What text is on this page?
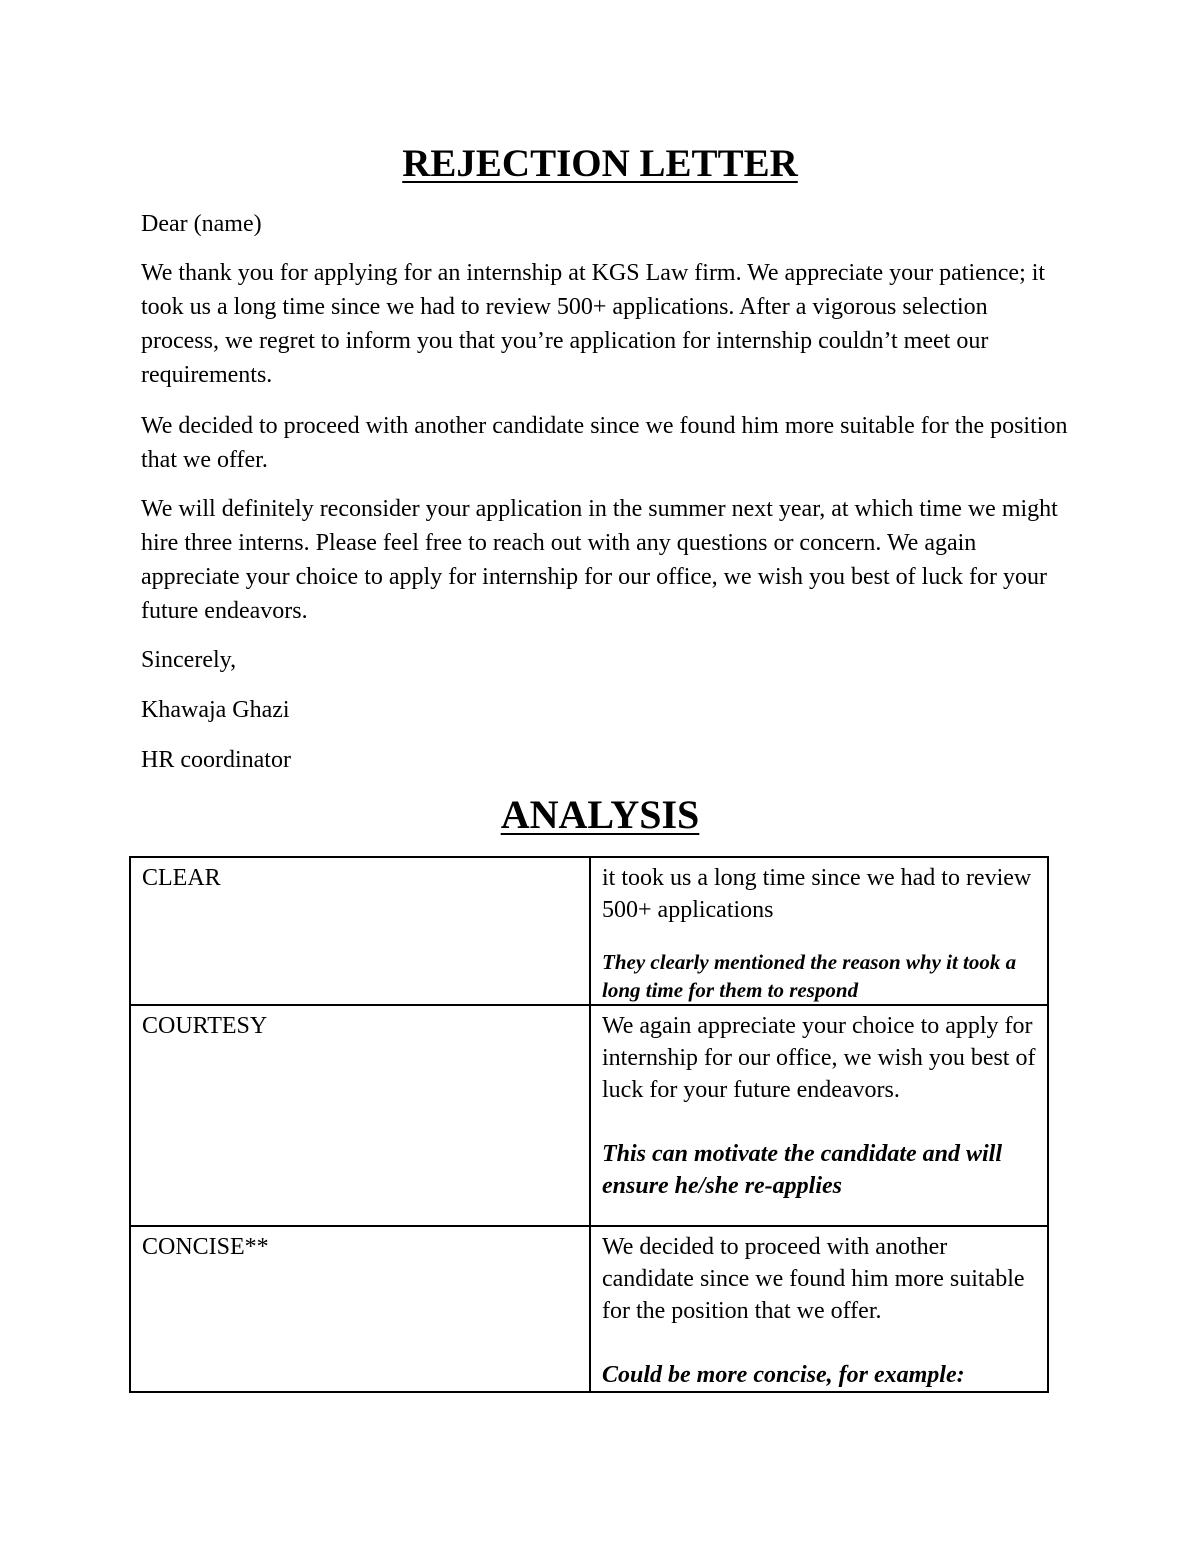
REJECTION LETTER

Dear (name)

We thank you for applying for an internship at KGS Law firm. We appreciate your patience; it took us a long time since we had to review 500+ applications. After a vigorous selection process, we regret to inform you that you’re application for internship couldn’t meet our requirements.

We decided to proceed with another candidate since we found him more suitable for the position that we offer.

We will definitely reconsider your application in the summer next year, at which time we might hire three interns. Please feel free to reach out with any questions or concern. We again appreciate your choice to apply for internship for our office, we wish you best of luck for your future endeavors.

Sincerely,

Khawaja Ghazi

HR coordinator

ANALYSIS
CLEAR	it took us a long time since we had to review 500+ applications
They clearly mentioned the reason why it took a long time for them to respond

COURTESY	We again appreciate your choice to apply for internship for our office, we wish you best of luck for your future endeavors.
This can motivate the candidate and will ensure he/she re-applies

CONCISE**	We decided to proceed with another candidate since we found him more suitable for the position that we offer.
Could be more concise, for example:
